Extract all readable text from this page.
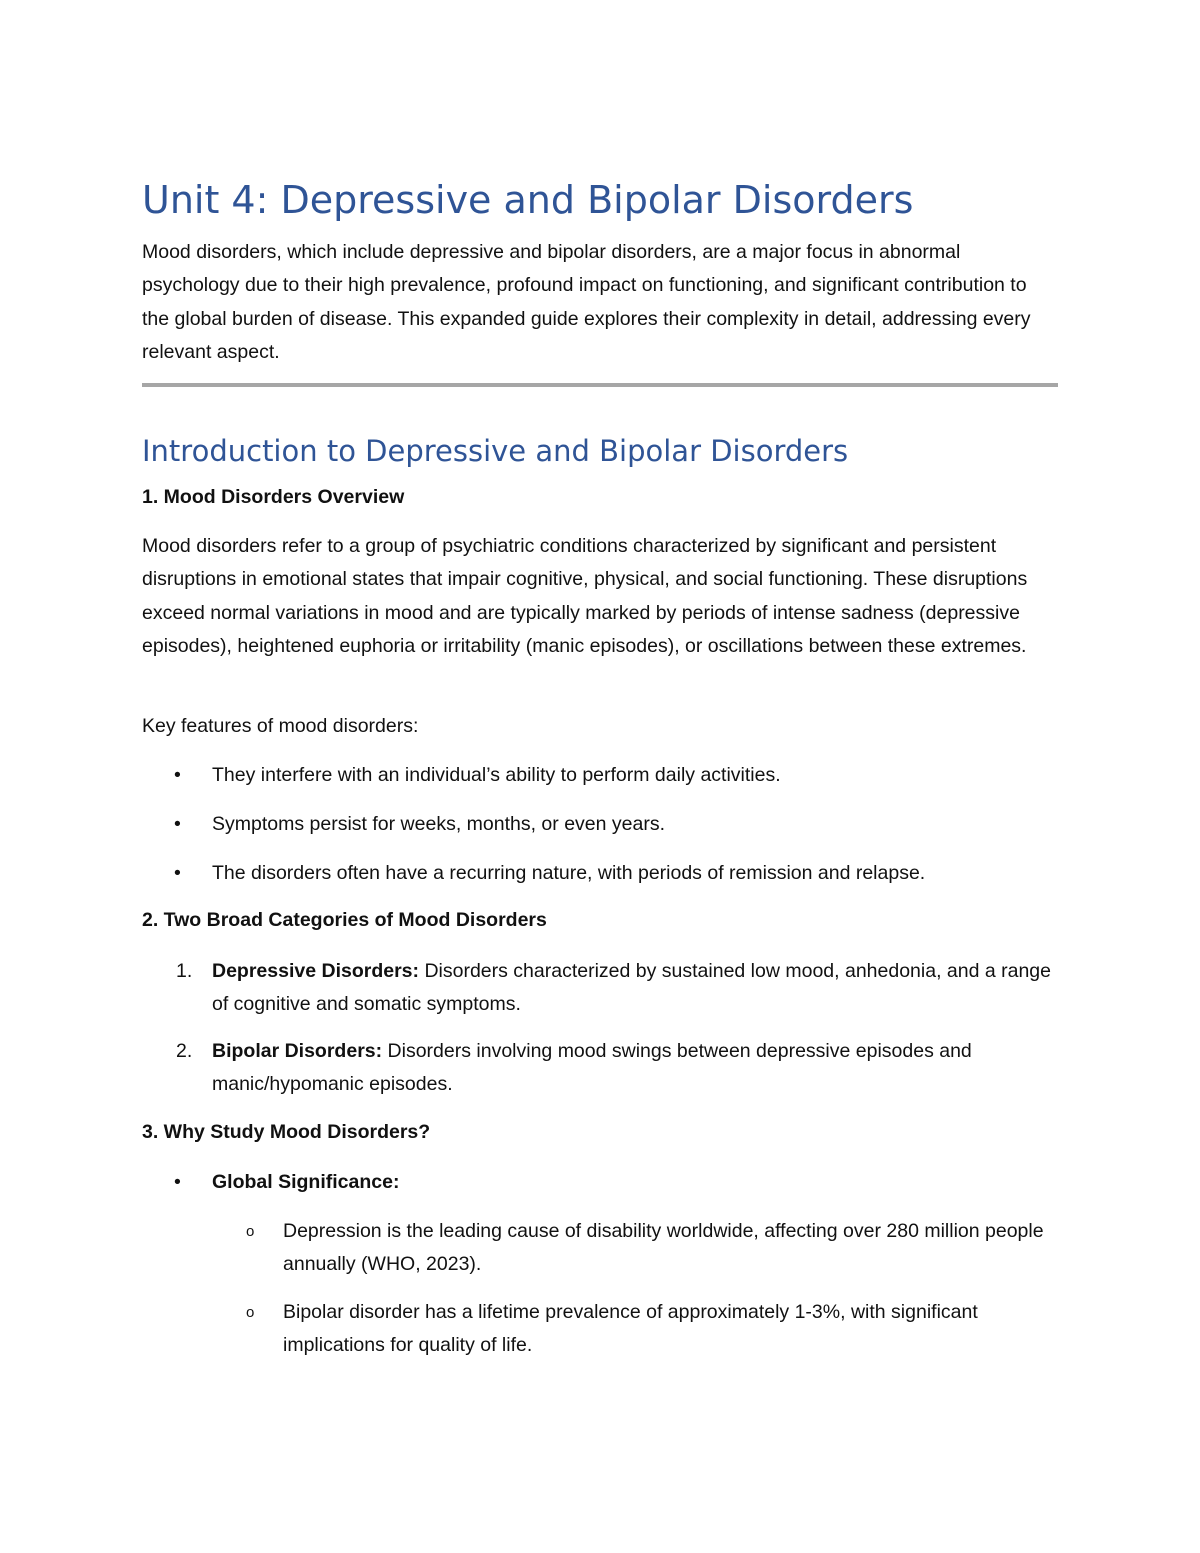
Unit 4: Depressive and Bipolar Disorders

Mood disorders, which include depressive and bipolar disorders, are a major focus in abnormal psychology due to their high prevalence, profound impact on functioning, and significant contribution to the global burden of disease. This expanded guide explores their complexity in detail, addressing every relevant aspect.

Introduction to Depressive and Bipolar Disorders
1. Mood Disorders Overview

Mood disorders refer to a group of psychiatric conditions characterized by significant and persistent disruptions in emotional states that impair cognitive, physical, and social functioning. These disruptions exceed normal variations in mood and are typically marked by periods of intense sadness (depressive episodes), heightened euphoria or irritability (manic episodes), or oscillations between these extremes.

Key features of mood disorders:

•	They interfere with an individual’s ability to perform daily activities.
•	Symptoms persist for weeks, months, or even years.
•	The disorders often have a recurring nature, with periods of remission and relapse.
2. Two Broad Categories of Mood Disorders
1.	Depressive Disorders: Disorders characterized by sustained low mood, anhedonia, and a range of cognitive and somatic symptoms.
2.	Bipolar Disorders: Disorders involving mood swings between depressive episodes and manic/hypomanic episodes.
3. Why Study Mood Disorders?
•	Global Significance:
o	Depression is the leading cause of disability worldwide, affecting over 280 million people annually (WHO, 2023).
o	Bipolar disorder has a lifetime prevalence of approximately 1-3%, with significant implications for quality of life.
